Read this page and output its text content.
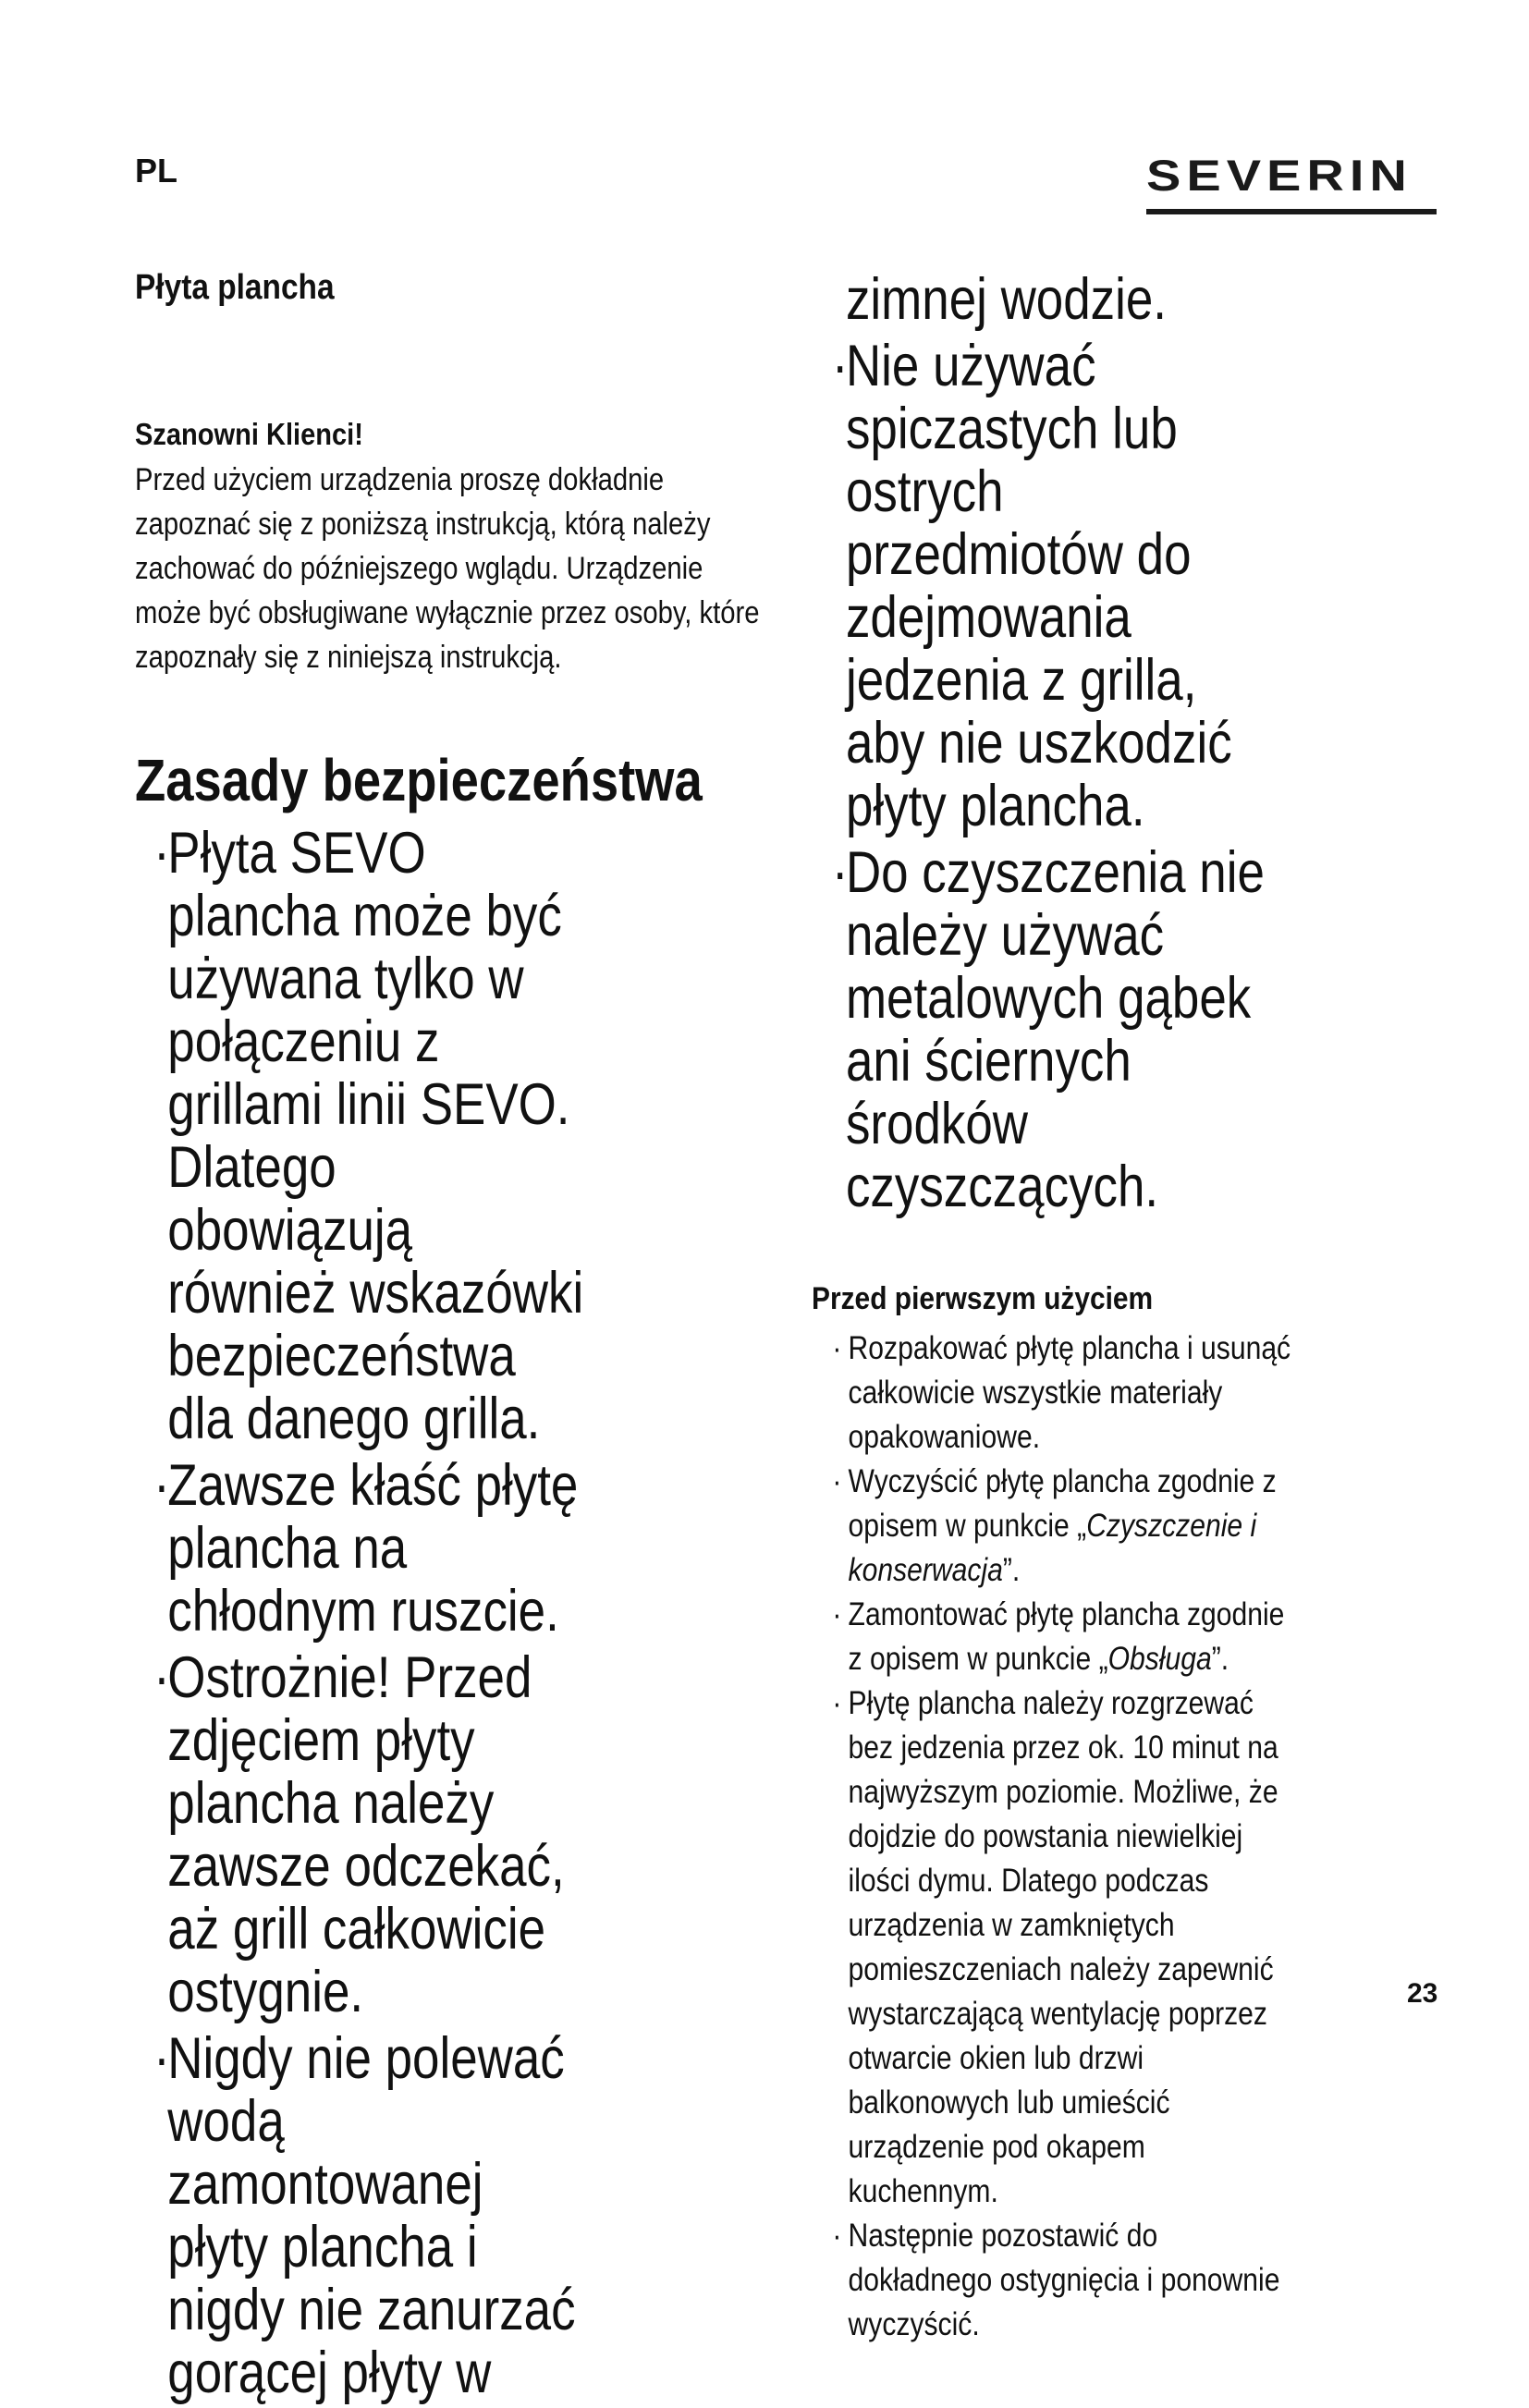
PL	SEVERIN
Płyta plancha

Szanowni Klienci!

Przed użyciem urządzenia proszę dokładnie zapoznać się z poniższą instrukcją, którą należy zachować do późniejszego wglądu. Urządzenie może być obsługiwane wyłącznie przez osoby, które zapoznały się z niniejszą instrukcją.

Zasady bezpieczeństwa
·
Płyta SEVO plancha może być używana tylko w połączeniu z grillami linii SEVO. Dlatego obowiązują również wskazówki bezpieczeństwa dla danego grilla.
·
Zawsze kłaść płytę plancha na chłodnym ruszcie.
·
Ostrożnie! Przed zdjęciem płyty plancha należy zawsze odczekać, aż grill całkowicie ostygnie.
·
Nigdy nie polewać wodą zamontowanej płyty plancha i nigdy nie zanurzać gorącej płyty w

zimnej wodzie.

·
Nie używać spiczastych lub ostrych przedmiotów do zdejmowania jedzenia z grilla, aby nie uszkodzić płyty plancha.
·
Do czyszczenia nie należy używać metalowych gąbek ani ściernych środków czyszczących.
Przed pierwszym użyciem
· Rozpakować płytę plancha i usunąć całkowicie wszystkie materiały opakowaniowe.
· Wyczyścić płytę plancha zgodnie z opisem w punkcie „Czyszczenie i konserwacja”.
· Zamontować płytę plancha zgodnie z opisem w punkcie „Obsługa”.
· Płytę plancha należy rozgrzewać bez jedzenia przez ok. 10 minut na najwyższym poziomie. Możliwe, że dojdzie do powstania niewielkiej ilości dymu. Dlatego podczas urządzenia w zamkniętych pomieszczeniach należy zapewnić wystarczającą wentylację poprzez otwarcie okien lub drzwi balkonowych lub umieścić urządzenie pod okapem kuchennym.
· Następnie pozostawić do dokładnego ostygnięcia i ponownie wyczyścić.
23
